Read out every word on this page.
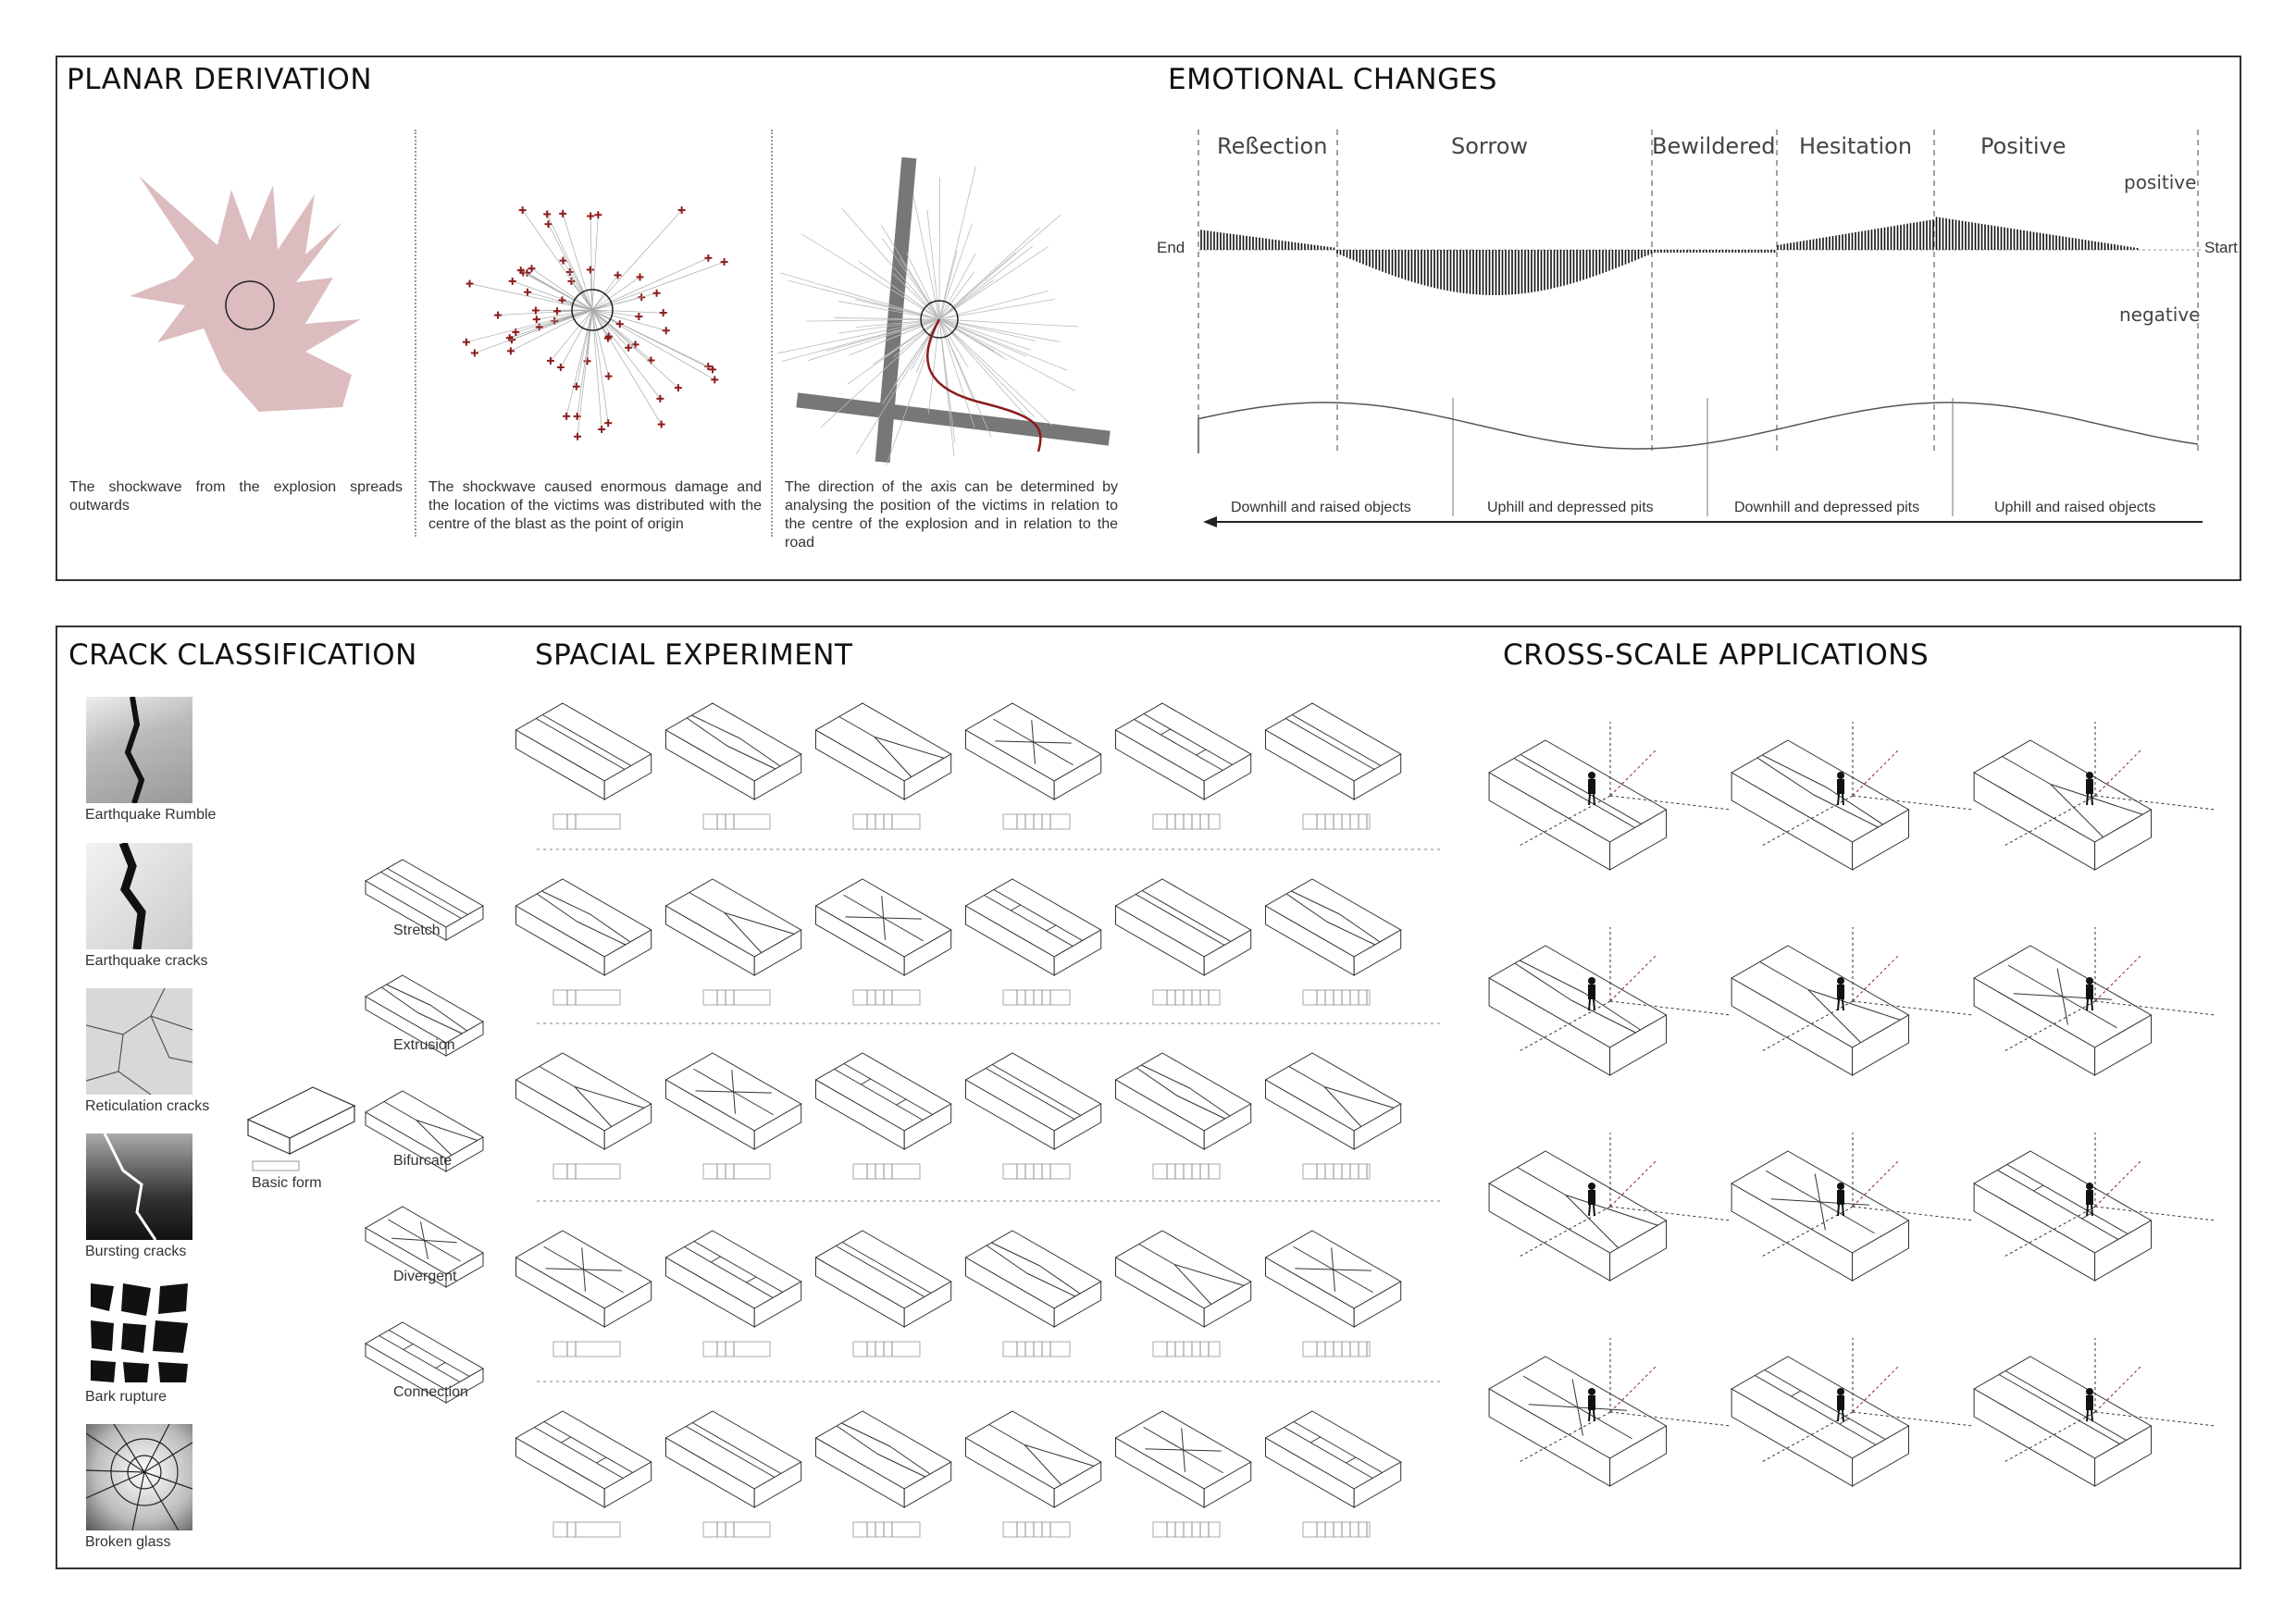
PLANAR DERIVATION	EMOTIONAL CHANGES
The shockwave from the explosion spreads outwards
The shockwave caused enormous damage and the location of the victims was distributed with the centre of the blast as the point of origin
The direction of the axis can be determined by analysing the position of the victims in relation to the centre of the explosion and in relation to the road
Reßection	Sorrow	Bewildered Hesitation	Positive
positive
negative
End	Start
Downhill and raised objects	Uphill and depressed pits	Downhill and depressed pits	Uphill and raised objects
CRACK CLASSIFICATION	SPACIAL EXPERIMENT	CROSS-SCALE APPLICATIONS
Earthquake Rumble
Earthquake cracks
Reticulation cracks
Bursting cracks
Bark rupture
Broken glass
Basic form
Stretch
Extrusion
Bifurcate
Divergent
Connection
